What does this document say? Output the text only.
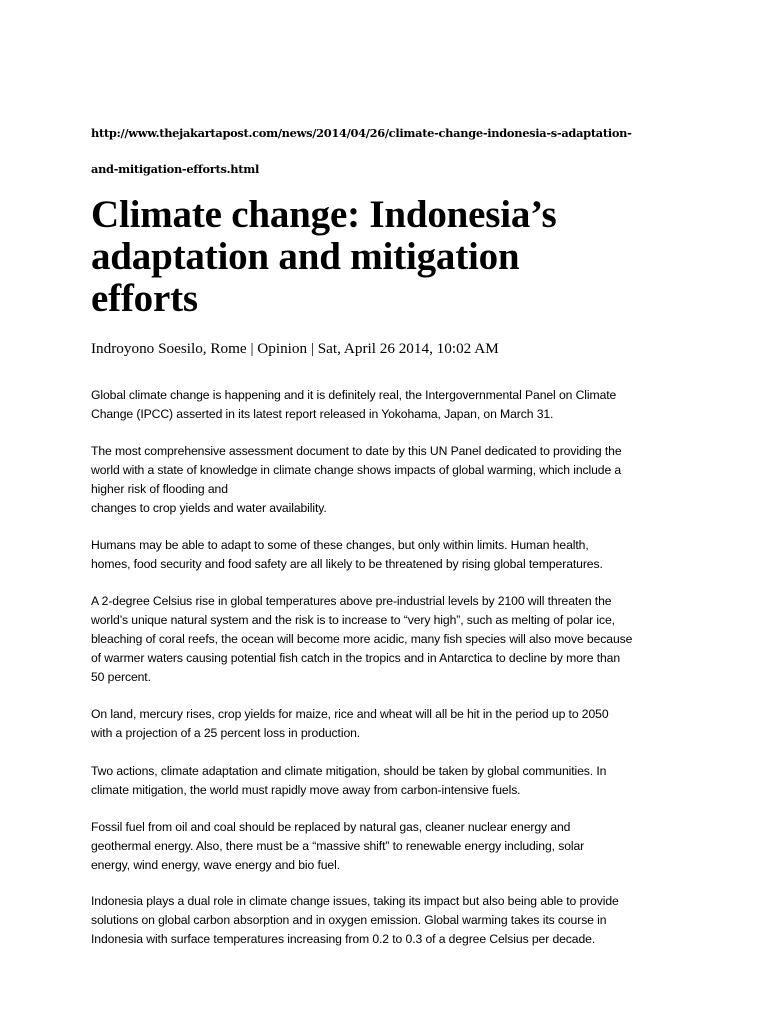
http://www.thejakartapost.com/news/2014/04/26/climate-change-indonesia-s-adaptation-

and-mitigation-efforts.html

Climate change: Indonesia’s
adaptation and mitigation
efforts

Indroyono Soesilo, Rome | Opinion | Sat, April 26 2014, 10:02 AM

Global climate change is happening and it is definitely real, the Intergovernmental Panel on Climate
Change (IPCC) asserted in its latest report released in Yokohama, Japan, on March 31.

The most comprehensive assessment document to date by this UN Panel dedicated to providing the
world with a state of knowledge in climate change shows impacts of global warming, which include a
higher risk of flooding and
changes to crop yields and water availability.

Humans may be able to adapt to some of these changes, but only within limits. Human health,
homes, food security and food safety are all likely to be threatened by rising global temperatures.

A 2-degree Celsius rise in global temperatures above pre-industrial levels by 2100 will threaten the
world’s unique natural system and the risk is to increase to “very high”, such as melting of polar ice,
bleaching of coral reefs, the ocean will become more acidic, many fish species will also move because
of warmer waters causing potential fish catch in the tropics and in Antarctica to decline by more than
50 percent.

On land, mercury rises, crop yields for maize, rice and wheat will all be hit in the period up to 2050
with a projection of a 25 percent loss in production.

Two actions, climate adaptation and climate mitigation, should be taken by global communities. In
climate mitigation, the world must rapidly move away from carbon-intensive fuels.

Fossil fuel from oil and coal should be replaced by natural gas, cleaner nuclear energy and
geothermal energy. Also, there must be a “massive shift” to renewable energy including, solar
energy, wind energy, wave energy and bio fuel.

Indonesia plays a dual role in climate change issues, taking its impact but also being able to provide
solutions on global carbon absorption and in oxygen emission. Global warming takes its course in
Indonesia with surface temperatures increasing from 0.2 to 0.3 of a degree Celsius per decade.
